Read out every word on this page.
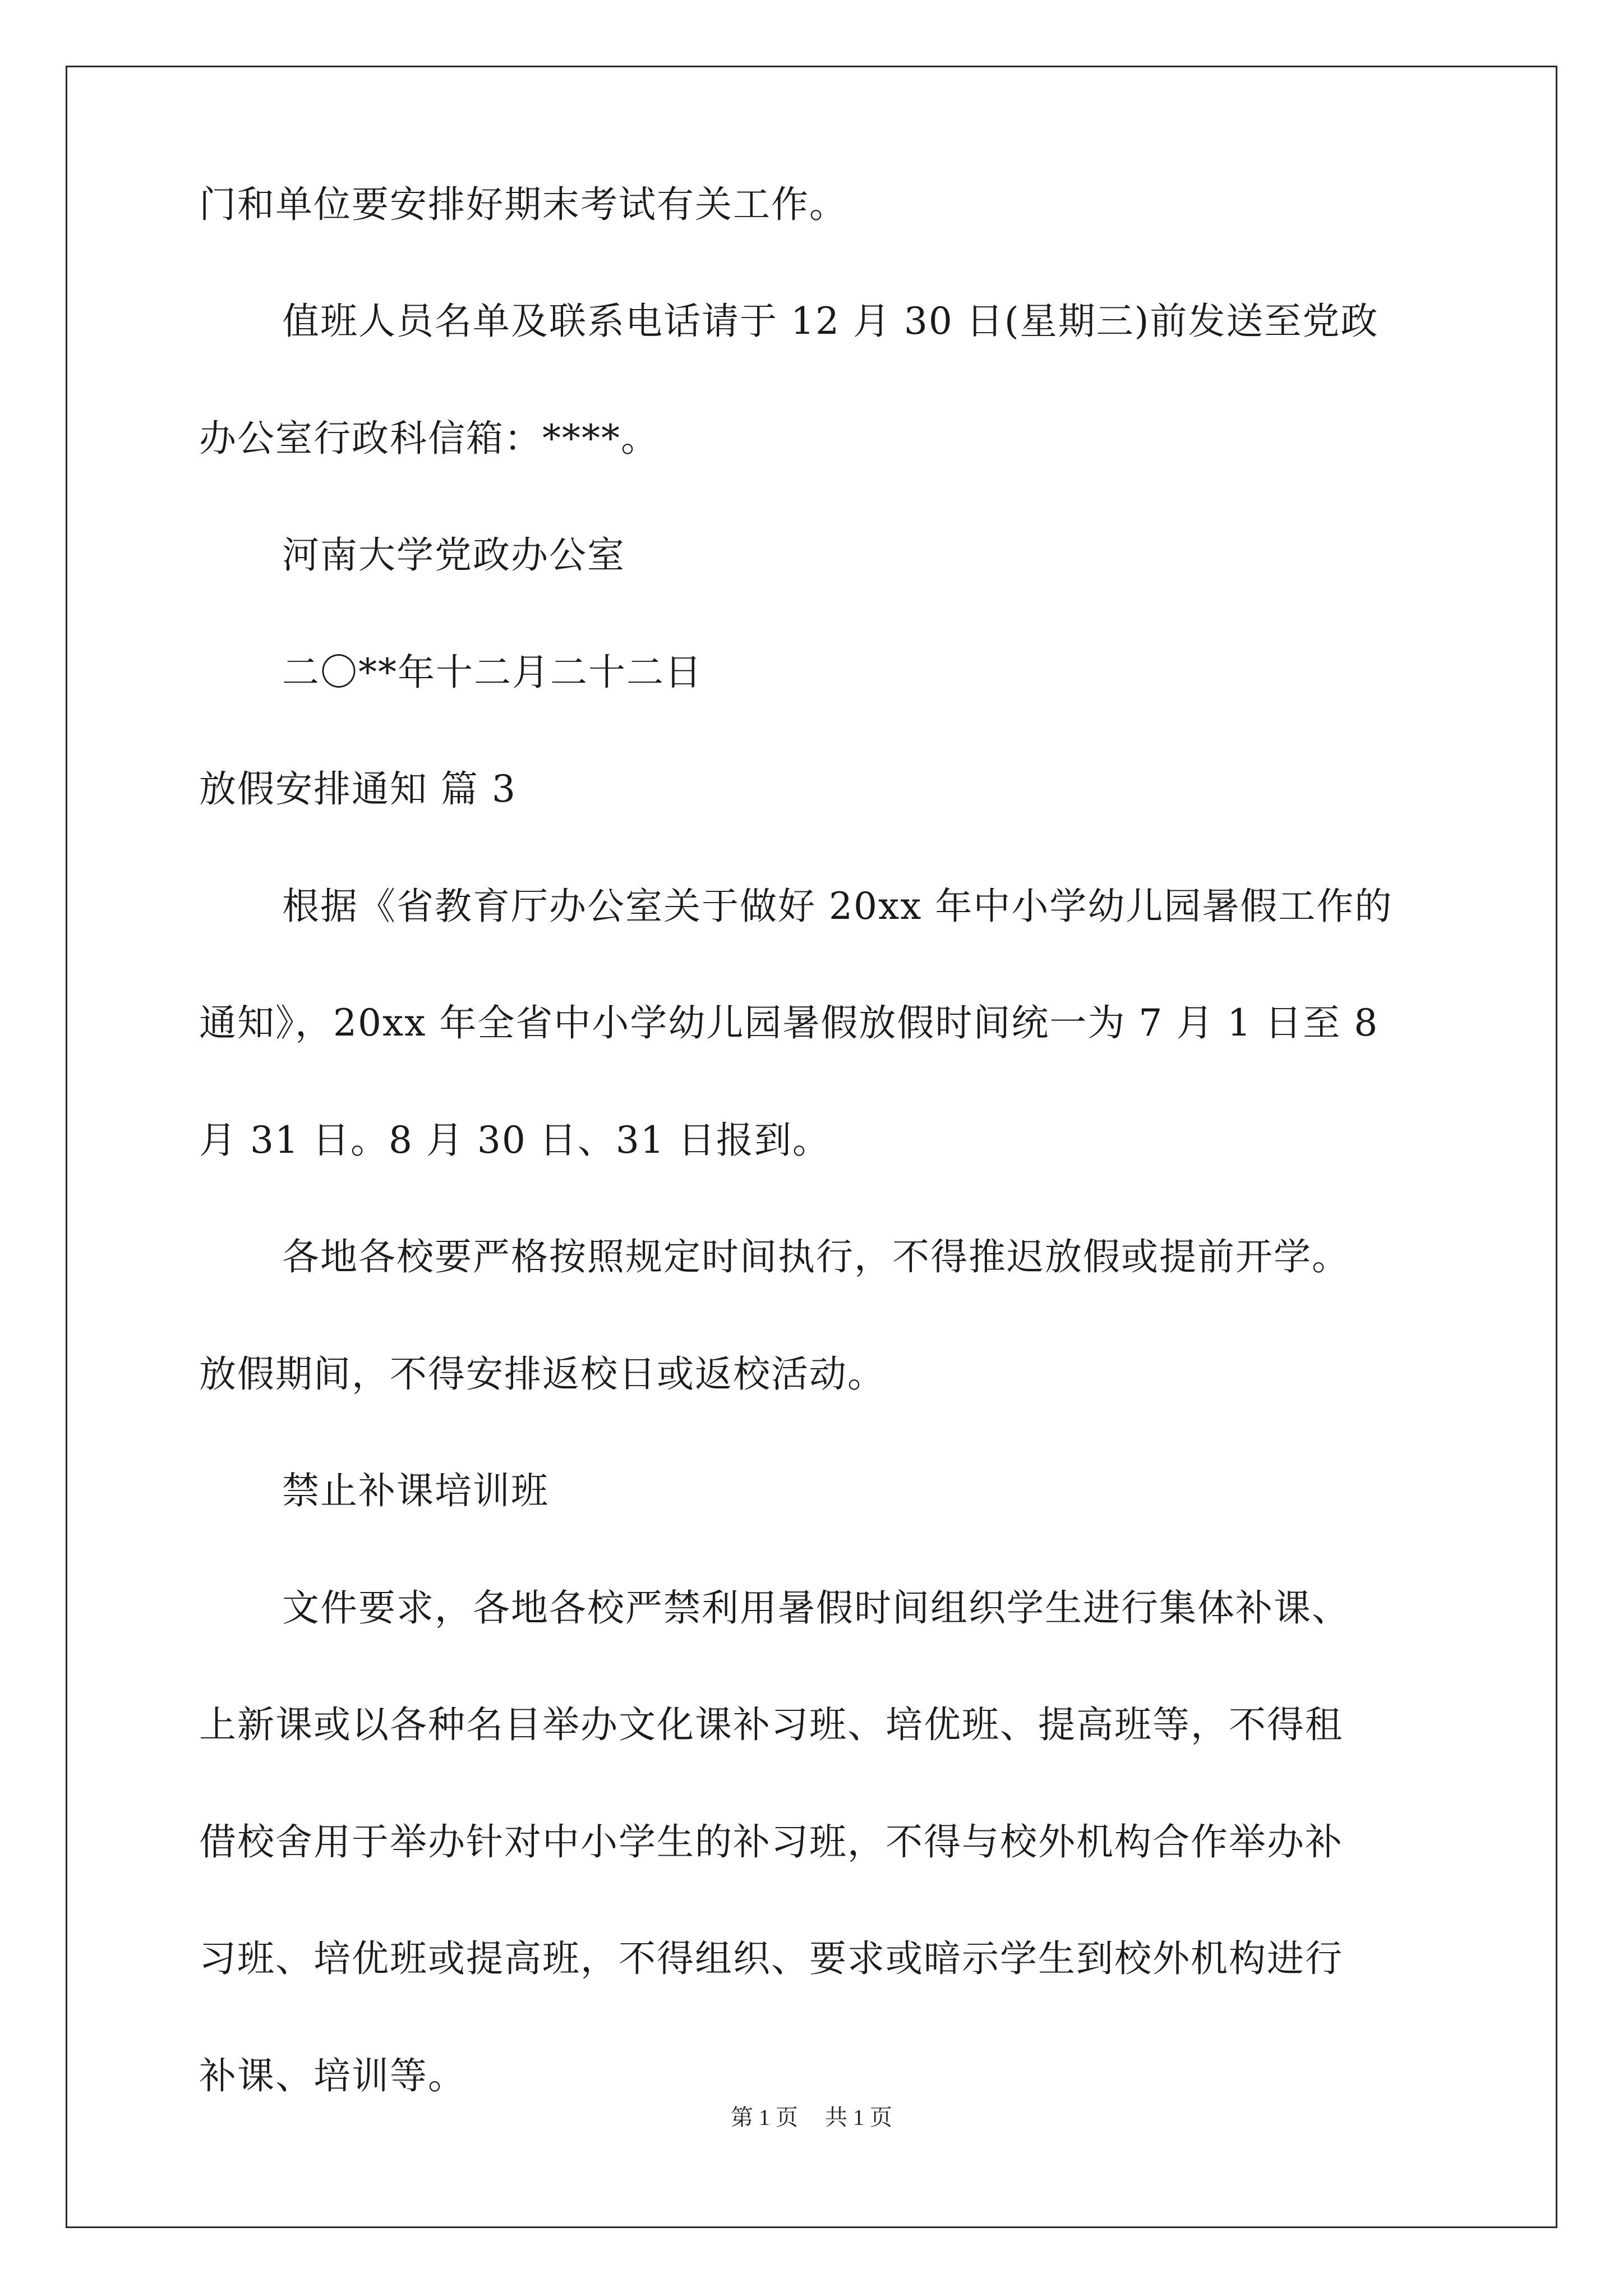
门和单位要安排好期末考试有关工作。
值班人员名单及联系电话请于 12 月 30 日(星期三)前发送至党政
办公室行政科信箱：****。
河南大学党政办公室
二〇**年十二月二十二日
放假安排通知 篇 3
根据《省教育厅办公室关于做好 20xx 年中小学幼儿园暑假工作的
通知》，20xx 年全省中小学幼儿园暑假放假时间统一为 7 月 1 日至 8
月 31 日。8 月 30 日、31 日报到。
各地各校要严格按照规定时间执行，不得推迟放假或提前开学。
放假期间，不得安排返校日或返校活动。
禁止补课培训班
文件要求，各地各校严禁利用暑假时间组织学生进行集体补课、
上新课或以各种名目举办文化课补习班、培优班、提高班等，不得租
借校舍用于举办针对中小学生的补习班，不得与校外机构合作举办补
习班、培优班或提高班，不得组织、要求或暗示学生到校外机构进行
补课、培训等。
第 1 页 共 1 页
